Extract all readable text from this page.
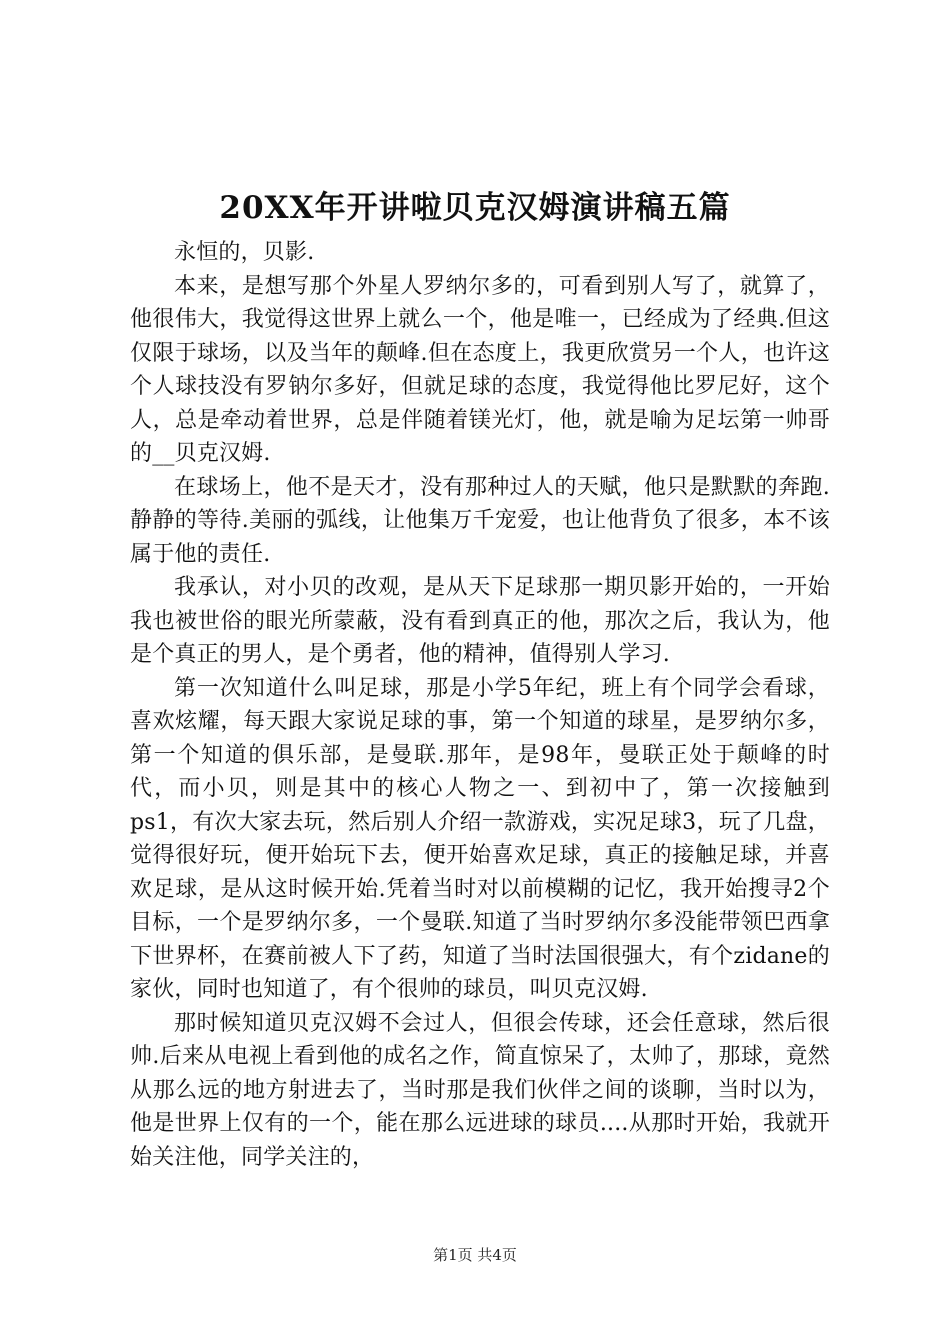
20XX年开讲啦贝克汉姆演讲稿五篇

永恒的，贝影.

本来，是想写那个外星人罗纳尔多的，可看到别人写了，就算了，他很伟大，我觉得这世界上就么一个，他是唯一，已经成为了经典.但这仅限于球场，以及当年的颠峰.但在态度上，我更欣赏另一个人，也许这个人球技没有罗钠尔多好，但就足球的态度，我觉得他比罗尼好，这个人，总是牵动着世界，总是伴随着镁光灯，他，就是喻为足坛第一帅哥的__贝克汉姆.

在球场上，他不是天才，没有那种过人的天赋，他只是默默的奔跑.静静的等待.美丽的弧线，让他集万千宠爱，也让他背负了很多，本不该属于他的责任.

我承认，对小贝的改观，是从天下足球那一期贝影开始的，一开始我也被世俗的眼光所蒙蔽，没有看到真正的他，那次之后，我认为，他是个真正的男人，是个勇者，他的精神，值得别人学习.

第一次知道什么叫足球，那是小学5年纪，班上有个同学会看球，喜欢炫耀，每天跟大家说足球的事，第一个知道的球星，是罗纳尔多，第一个知道的俱乐部，是曼联.那年，是98年，曼联正处于颠峰的时代，而小贝，则是其中的核心人物之一、到初中了，第一次接触到ps1，有次大家去玩，然后别人介绍一款游戏，实况足球3，玩了几盘，觉得很好玩，便开始玩下去，便开始喜欢足球，真正的接触足球，并喜欢足球，是从这时候开始.凭着当时对以前模糊的记忆，我开始搜寻2个目标，一个是罗纳尔多，一个曼联.知道了当时罗纳尔多没能带领巴西拿下世界杯，在赛前被人下了药，知道了当时法国很强大，有个zidane的家伙，同时也知道了，有个很帅的球员，叫贝克汉姆.

那时候知道贝克汉姆不会过人，但很会传球，还会任意球，然后很帅.后来从电视上看到他的成名之作，简直惊呆了，太帅了，那球，竟然从那么远的地方射进去了，当时那是我们伙伴之间的谈聊，当时以为，他是世界上仅有的一个，能在那么远进球的球员....从那时开始，我就开始关注他，同学关注的，

第1页 共4页
